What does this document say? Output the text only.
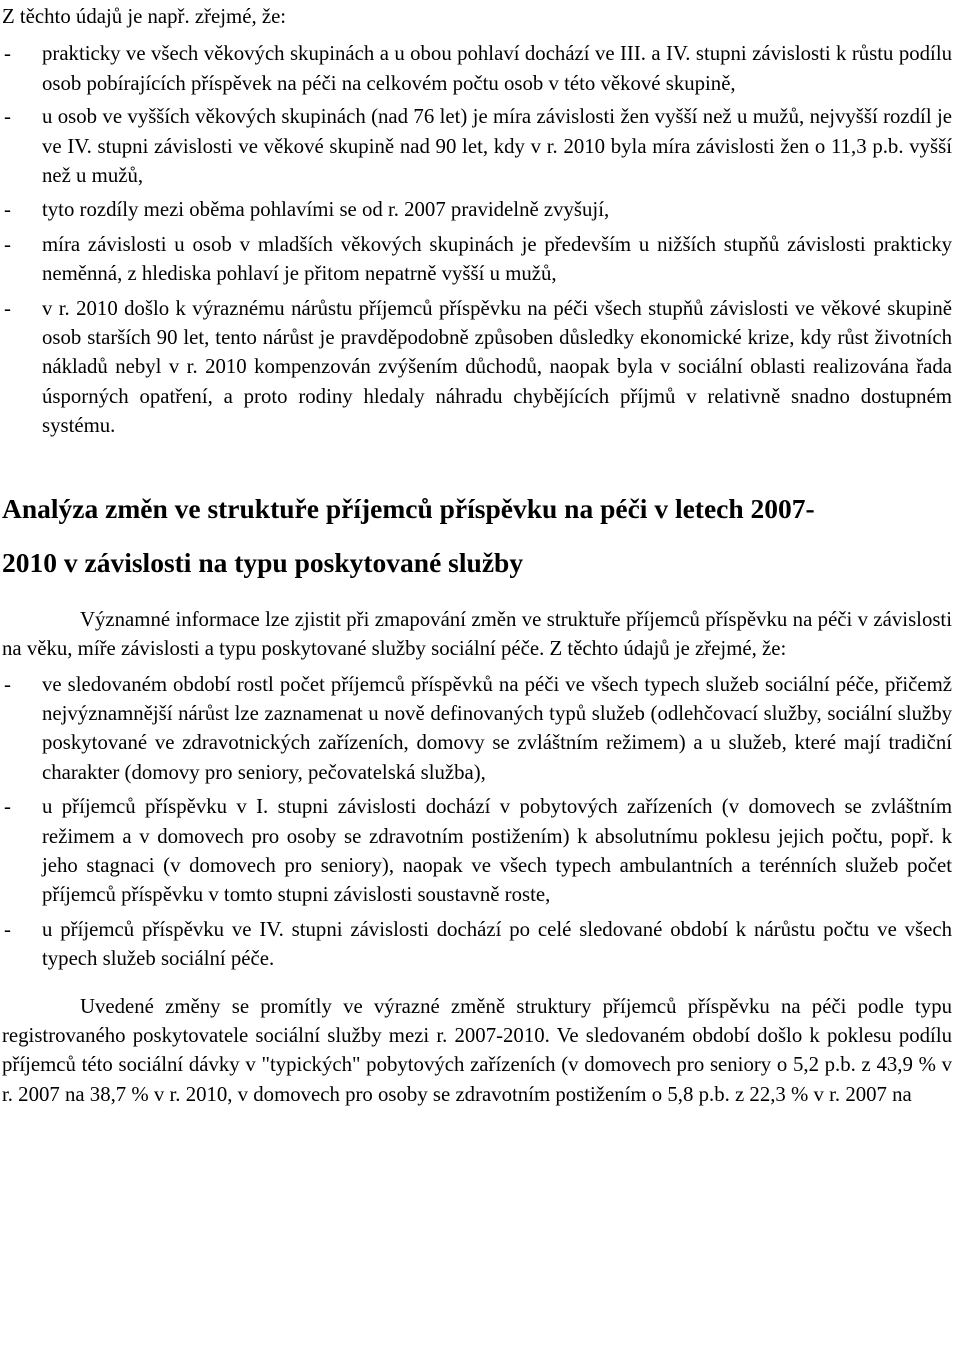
Z těchto údajů je např. zřejmé, že:

- prakticky ve všech věkových skupinách a u obou pohlaví dochází ve III. a IV. stupni závislosti k růstu podílu osob pobírajících příspěvek na péči na celkovém počtu osob v této věkové skupině,
- u osob ve vyšších věkových skupinách (nad 76 let) je míra závislosti žen vyšší než u mužů, nejvyšší rozdíl je ve IV. stupni závislosti ve věkové skupině nad 90 let, kdy v r. 2010 byla míra závislosti žen o 11,3 p.b. vyšší než u mužů,
- tyto rozdíly mezi oběma pohlavími se od r. 2007 pravidelně zvyšují,
- míra závislosti u osob v mladších věkových skupinách je především u nižších stupňů závislosti prakticky neměnná, z hlediska pohlaví je přitom nepatrně vyšší u mužů,
- v r. 2010 došlo k výraznému nárůstu příjemců příspěvku na péči všech stupňů závislosti ve věkové skupině osob starších 90 let, tento nárůst je pravděpodobně způsoben důsledky ekonomické krize, kdy růst životních nákladů nebyl v r. 2010 kompenzován zvýšením důchodů, naopak byla v sociální oblasti realizována řada úsporných opatření, a proto rodiny hledaly náhradu chybějících příjmů v relativně snadno dostupném systému.
Analýza změn ve struktuře příjemců příspěvku na péči v letech 2007-
2010 v závislosti na typu poskytované služby

Významné informace lze zjistit při zmapování změn ve struktuře příjemců příspěvku na péči v závislosti na věku, míře závislosti a typu poskytované služby sociální péče. Z těchto údajů je zřejmé, že:

- ve sledovaném období rostl počet příjemců příspěvků na péči ve všech typech služeb sociální péče, přičemž nejvýznamnější nárůst lze zaznamenat u nově definovaných typů služeb (odlehčovací služby, sociální služby poskytované ve zdravotnických zařízeních, domovy se zvláštním režimem) a u služeb, které mají tradiční charakter (domovy pro seniory, pečovatelská služba),
- u příjemců příspěvku v I. stupni závislosti dochází v pobytových zařízeních (v domovech se zvláštním režimem a v domovech pro osoby se zdravotním postižením) k absolutnímu poklesu jejich počtu, popř. k jeho stagnaci (v domovech pro seniory), naopak ve všech typech ambulantních a terénních služeb počet příjemců příspěvku v tomto stupni závislosti soustavně roste,
- u příjemců příspěvku ve IV. stupni závislosti dochází po celé sledované období k nárůstu počtu ve všech typech služeb sociální péče.

Uvedené změny se promítly ve výrazné změně struktury příjemců příspěvku na péči podle typu registrovaného poskytovatele sociální služby mezi r. 2007-2010. Ve sledovaném období došlo k poklesu podílu příjemců této sociální dávky v "typických" pobytových zařízeních (v domovech pro seniory o 5,2 p.b. z 43,9 % v r. 2007 na 38,7 % v r. 2010, v domovech pro osoby se zdravotním postižením o 5,8 p.b. z 22,3 % v r. 2007 na
